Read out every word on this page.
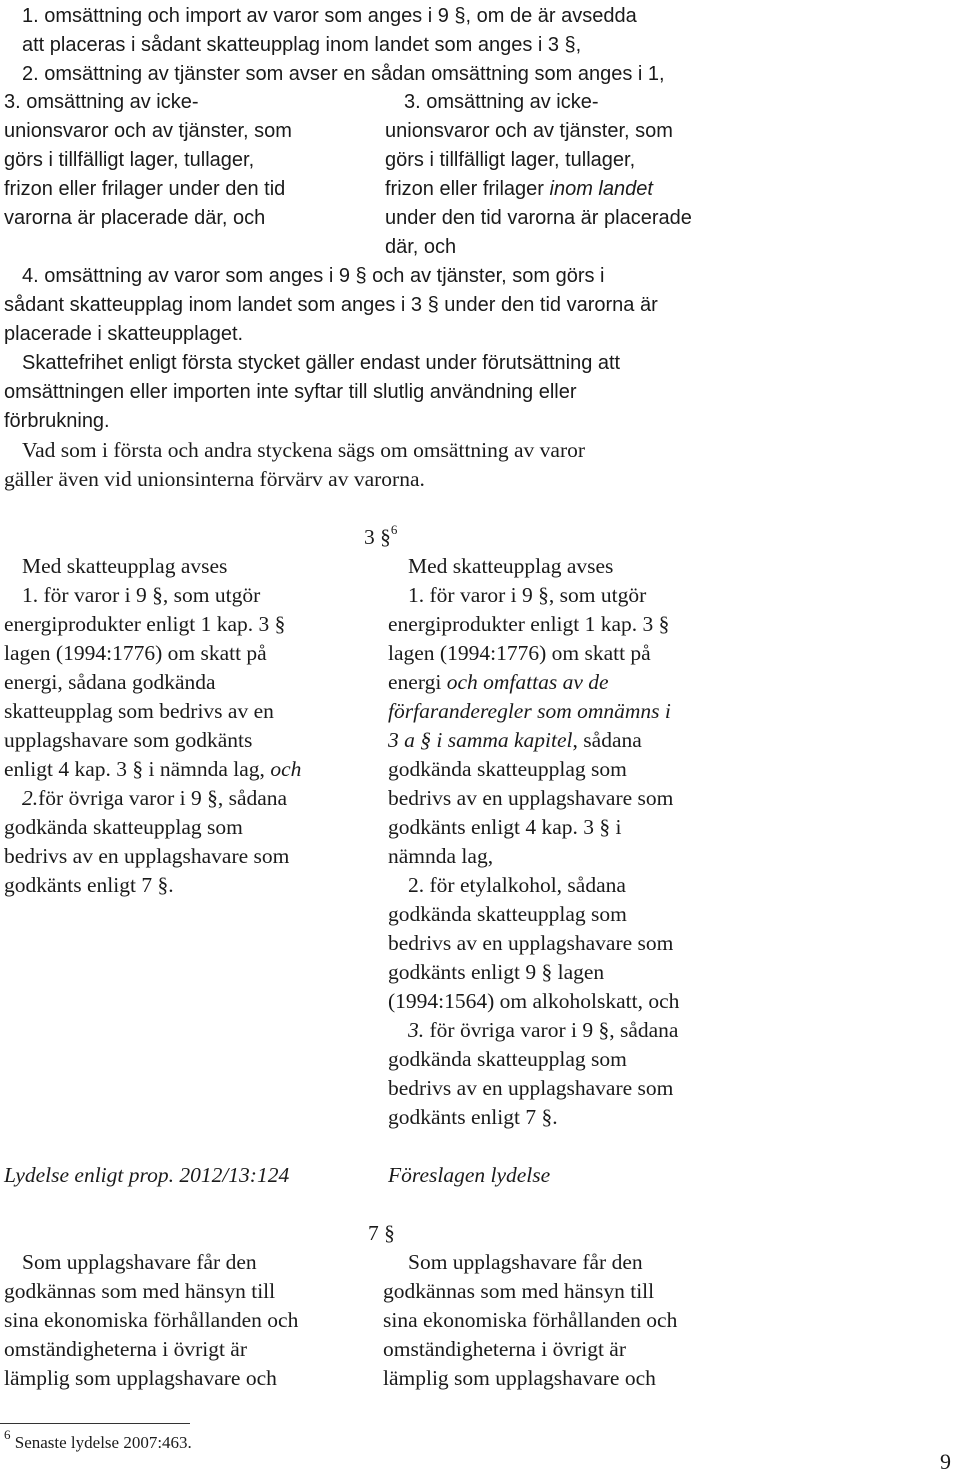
1. omsättning och import av varor som anges i 9 §, om de är avsedda
att placeras i sådant skatteupplag inom landet som anges i 3 §,
2. omsättning av tjänster som avser en sådan omsättning som anges i 1,
3. omsättning av icke-
unionsvaror och av tjänster, som
görs i tillfälligt lager, tullager,
frizon eller frilager under den tid
varorna är placerade där, och
3. omsättning av icke-
unionsvaror och av tjänster, som
görs i tillfälligt lager, tullager,
frizon eller frilager inom landet
under den tid varorna är placerade
där, och
4. omsättning av varor som anges i 9 § och av tjänster, som görs i
sådant skatteupplag inom landet som anges i 3 § under den tid varorna är
placerade i skatteupplaget.
Skattefrihet enligt första stycket gäller endast under förutsättning att
omsättningen eller importen inte syftar till slutlig användning eller
förbrukning.
Vad som i första och andra styckena sägs om omsättning av varor
gäller även vid unionsinterna förvärv av varorna.
3 §$^6$
Med skatteupplag avses
1. för varor i 9 §, som utgör
energiprodukter enligt 1 kap. 3 §
lagen (1994:1776) om skatt på
energi, sådana godkända
skatteupplag som bedrivs av en
upplagshavare som godkänts
enligt 4 kap. 3 § i nämnda lag, och
2.för övriga varor i 9 §, sådana
godkända skatteupplag som
bedrivs av en upplagshavare som
godkänts enligt 7 §.
Med skatteupplag avses
1. för varor i 9 §, som utgör
energiprodukter enligt 1 kap. 3 §
lagen (1994:1776) om skatt på
energi och omfattas av de
förfaranderegler som omnämns i
3 a § i samma kapitel, sådana
godkända skatteupplag som
bedrivs av en upplagshavare som
godkänts enligt 4 kap. 3 § i
nämnda lag,
2. för etylalkohol, sådana
godkända skatteupplag som
bedrivs av en upplagshavare som
godkänts enligt 9 § lagen
(1994:1564) om alkoholskatt, och
3. för övriga varor i 9 §, sådana
godkända skatteupplag som
bedrivs av en upplagshavare som
godkänts enligt 7 §.
Lydelse enligt prop. 2012/13:124	Föreslagen lydelse
7 §
Som upplagshavare får den
godkännas som med hänsyn till
sina ekonomiska förhållanden och
omständigheterna i övrigt är
lämplig som upplagshavare och
Som upplagshavare får den
godkännas som med hänsyn till
sina ekonomiska förhållanden och
omständigheterna i övrigt är
lämplig som upplagshavare och
$^6$ Senaste lydelse 2007:463.
9
